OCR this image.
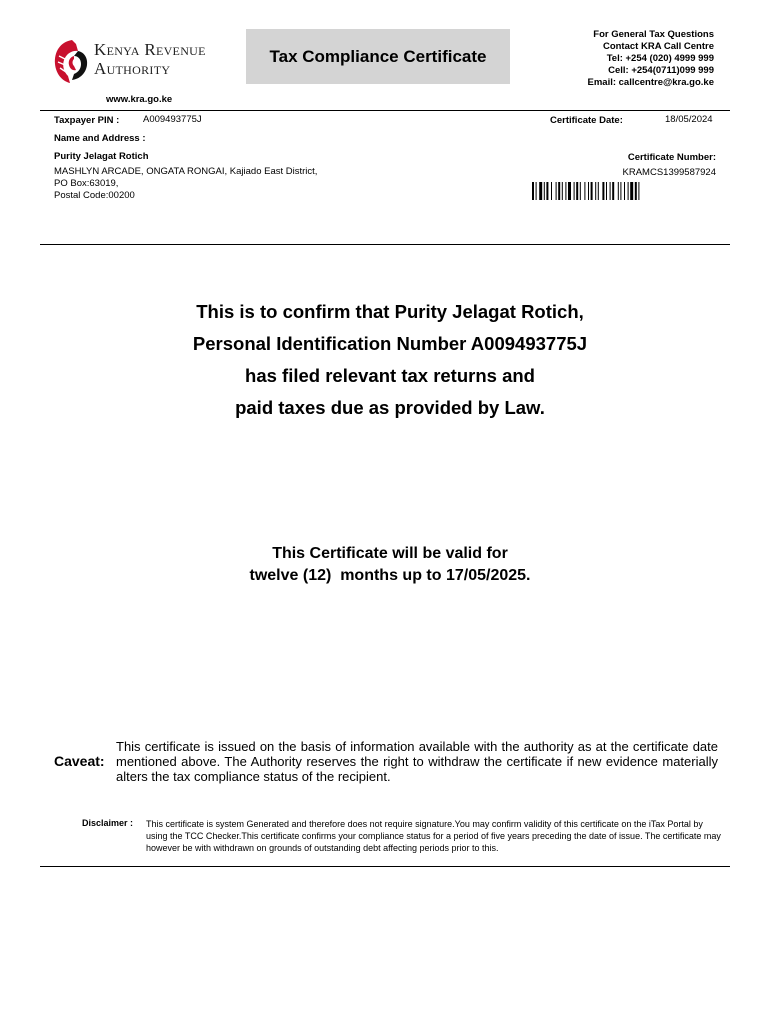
Kenya Revenue
Authority
Tax Compliance Certificate
For General Tax Questions
Contact KRA Call Centre
Tel: +254 (020) 4999 999
Cell: +254(0711)099 999
Email: callcentre@kra.go.ke
www.kra.go.ke
Taxpayer PIN : A009493775J
Name and Address :
Purity Jelagat Rotich
MASHLYN ARCADE, ONGATA RONGAI, Kajiado East District,
PO Box:63019,
Postal Code:00200
Certificate Date:	18/05/2024
Certificate Number:
KRAMCS1399587924
This is to confirm that Purity Jelagat Rotich,
Personal Identification Number A009493775J
has filed relevant tax returns and
paid taxes due as provided by Law.
This Certificate will be valid for
twelve (12)  months up to 17/05/2025.
Caveat:
This certificate is issued on the basis of information available with the authority as at the certificate date mentioned above. The Authority reserves the right to withdraw the certificate if new evidence materially alters the tax compliance status of the recipient.
Disclaimer : This certificate is system Generated and therefore does not require signature.You may confirm validity of this certificate on the iTax Portal by using the TCC Checker.This certificate confirms your compliance status for a period of five years preceding the date of issue. The certificate may however be with withdrawn on grounds of outstanding debt affecting periods prior to this.
